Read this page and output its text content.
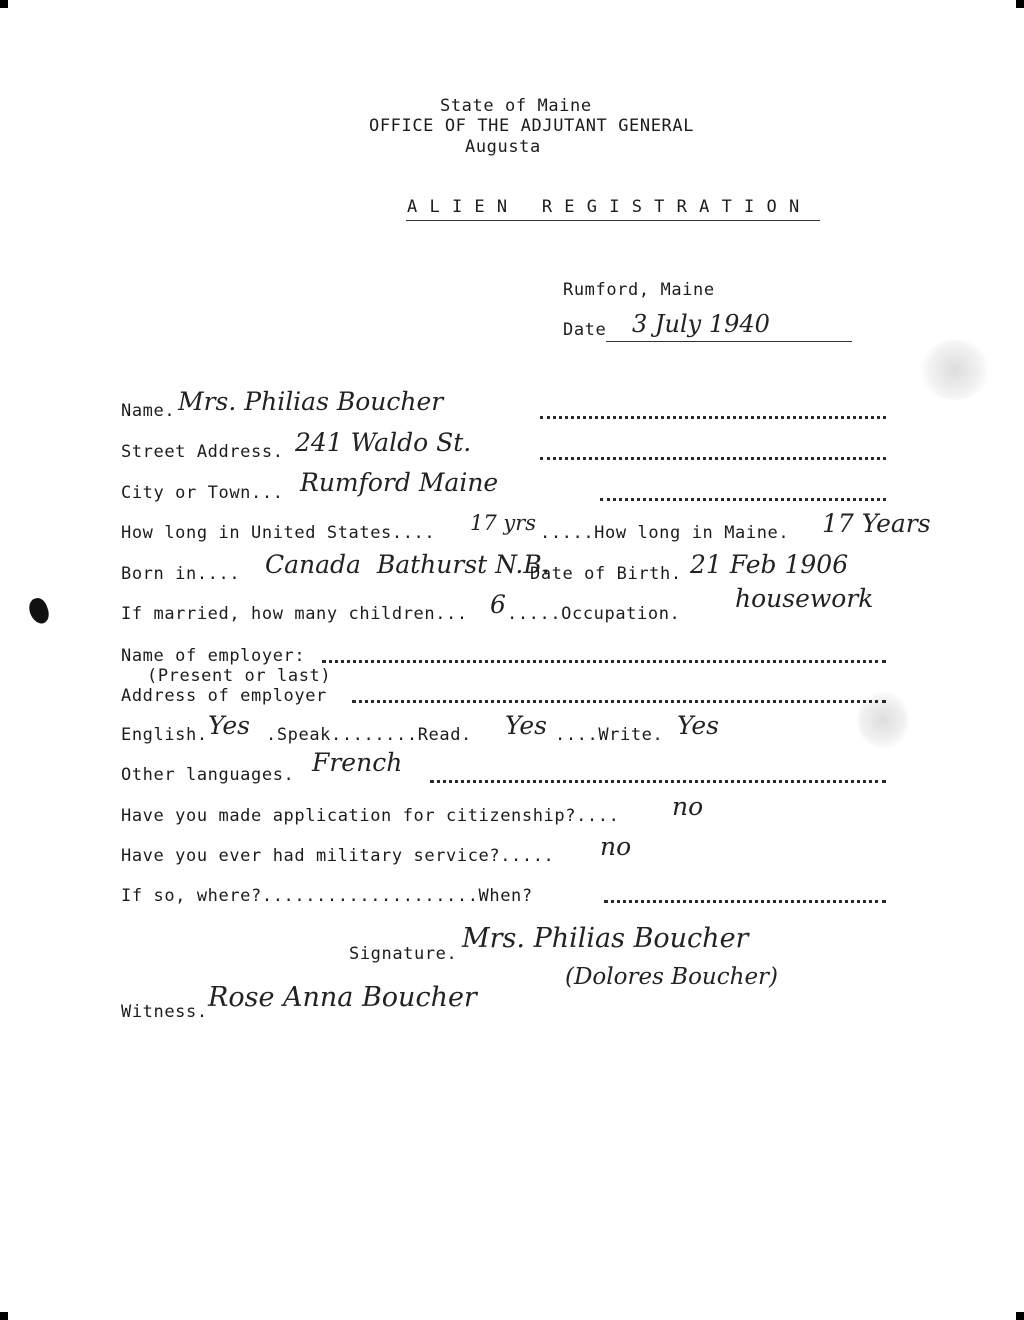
State of Maine
OFFICE OF THE ADJUTANT GENERAL
Augusta
A L I E N   R E G I S T R A T I O N
Rumford, Maine
Date 3 July 1940
Name. Mrs. Philias Boucher
Street Address. 241 Waldo St.
City or Town... Rumford Maine
How long in United States.... 17 yrs .....How long in Maine. 17 Years
Born in.... Canada  Bathurst N.B.
Date of Birth. 21 Feb 1906
If married, how many children... 6 .....Occupation.
housework
Name of employer:
(Present or last)
Address of employer
English. Yes .Speak........Read. Yes ....Write. Yes
Other languages. French
Have you made application for citizenship?.... no
Have you ever had military service?..... no
If so, where?....................When?
Signature. Mrs. Philias Boucher
(Dolores Boucher)
Witness. Rose Anna Boucher
